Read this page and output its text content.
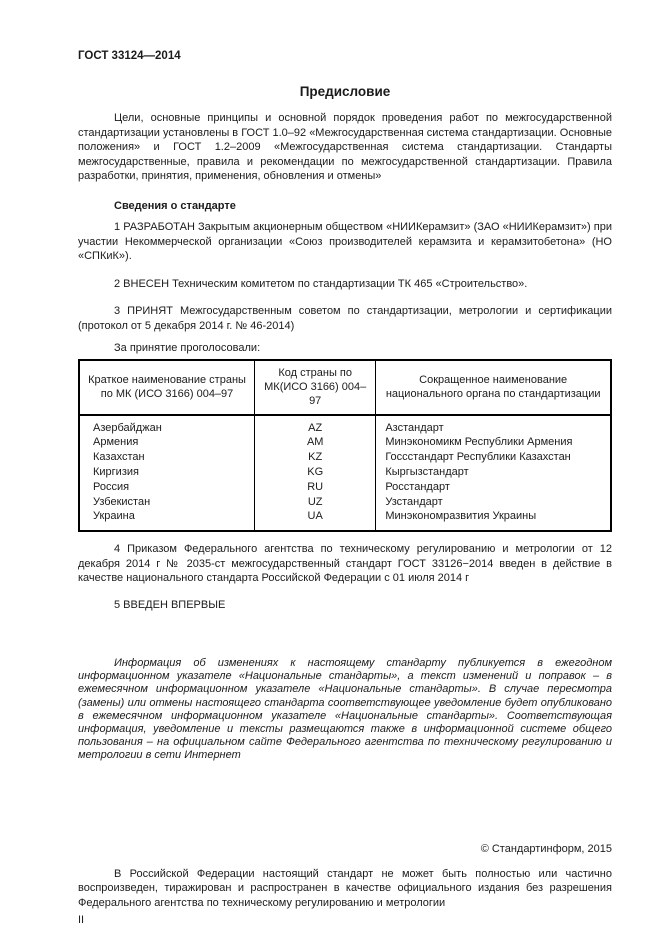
ГОСТ 33124—2014

Предисловие

Цели, основные принципы и основной порядок проведения работ по межгосударственной стандартизации установлены в ГОСТ 1.0–92 «Межгосударственная система стандартизации. Основные положения» и ГОСТ 1.2–2009 «Межгосударственная система стандартизации. Стандарты межгосударственные, правила и рекомендации по межгосударственной стандартизации. Правила разработки, принятия, применения, обновления и отмены»

Сведения о стандарте

1 РАЗРАБОТАН Закрытым акционерным обществом «НИИКерамзит» (ЗАО «НИИКерамзит») при участии Некоммерческой организации «Союз производителей керамзита и керамзитобетона» (НО «СПКиК»).

2 ВНЕСЕН Техническим комитетом по стандартизации ТК 465 «Строительство».

3 ПРИНЯТ Межгосударственным советом по стандартизации, метрологии и сертификации (протокол от 5 декабря 2014 г. № 46-2014)

За принятие проголосовали:
Краткое наименование страны по МК (ИСО 3166) 004–97	Код страны по МК(ИСО 3166) 004–97	Сокращенное наименование национального органа по стандартизации
Азербайджан	AZ	Азстандарт
Армения	AM	Минэкономикм Республики Армения
Казахстан	KZ	Госсстандарт Республики Казахстан
Киргизия	KG	Кыргызстандарт
Россия	RU	Росстандарт
Узбекистан	UZ	Узстандарт
Украина	UA	Минэкономразвития Украины

4 Приказом Федерального агентства по техническому регулированию и метрологии от 12 декабря 2014 г № 2035-ст межгосударственный стандарт ГОСТ 33126−2014 введен в действие в качестве национального стандарта Российской Федерации с 01 июля 2014 г

5 ВВЕДЕН ВПЕРВЫЕ

Информация об изменениях к настоящему стандарту публикуется в ежегодном информационном указателе «Национальные стандарты», а текст изменений и поправок – в ежемесячном информационном указателе «Национальные стандарты». В случае пересмотра (замены) или отмены настоящего стандарта соответствующее уведомление будет опубликовано в ежемесячном информационном указателе «Национальные стандарты». Соответствующая информация, уведомление и тексты размещаются также в информационной системе общего пользования – на официальном сайте Федерального агентства по техническому регулированию и метрологии в сети Интернет

© Стандартинформ, 2015

В Российской Федерации настоящий стандарт не может быть полностью или частично воспроизведен, тиражирован и распространен в качестве официального издания без разрешения Федерального агентства по техническому регулированию и метрологии

II
